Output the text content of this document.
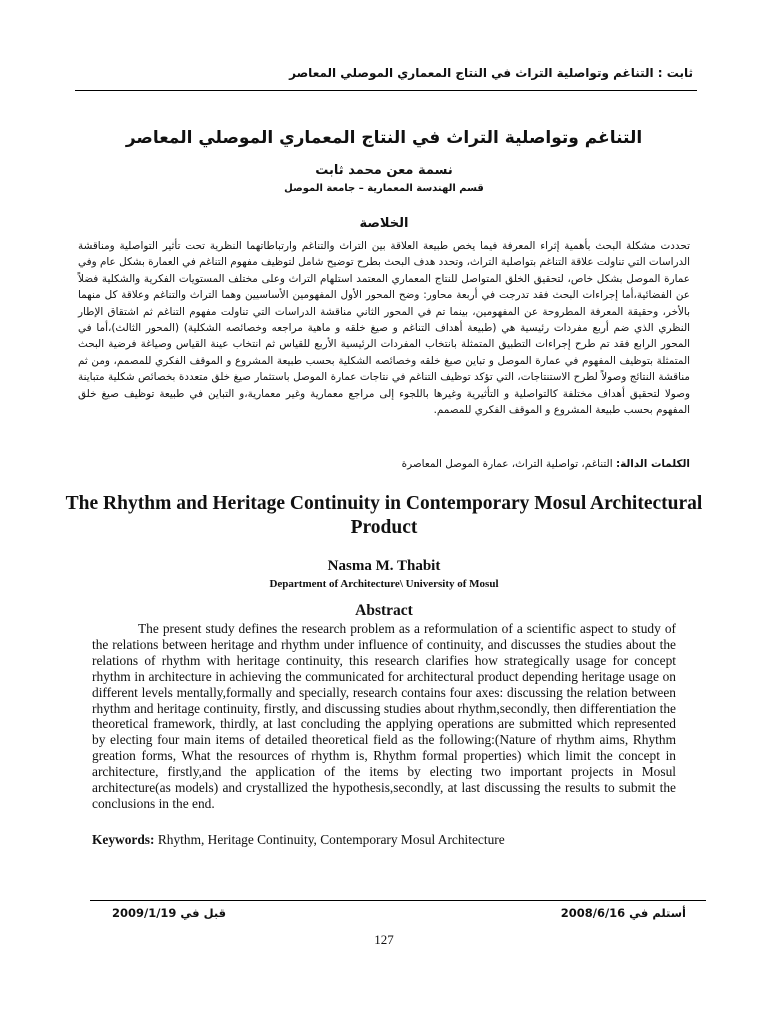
ثابت : التناغم وتواصلية التراث في النتاج المعماري الموصلي المعاصر
التناغم وتواصلية التراث في النتاج المعماري الموصلي المعاصر
نسمة معن محمد ثابت
قسم الهندسة المعمارية – جامعة الموصل
الخلاصة
تحددت مشكلة البحث بأهمية إثراء المعرفة فيما يخص طبيعة العلاقة بين التراث والتناغم وارتباطاتهما النظرية تحت تأثير التواصلية ومناقشة الدراسات التي تناولت علاقة التناغم بتواصلية التراث، وتحدد هدف البحث بطرح توضيح شامل لتوظيف مفهوم التناغم في العمارة بشكل عام وفي عمارة الموصل بشكل خاص، لتحقيق الخلق المتواصل للنتاج المعماري المعتمد استلهام التراث وعلى مختلف المستويات الفكرية والشكلية فضلاً عن الفضائية،أما إجراءات البحث فقد تدرجت في أربعة محاور: وضح المحور الأول المفهومين الأساسيين وهما التراث والتناغم وعلاقة كل منهما بالأخر، وحقيقة المعرفة المطروحة عن المفهومين، بينما تم في المحور الثاني مناقشة الدراسات التي تناولت مفهوم التناغم ثم اشتقاق الإطار النظري الذي ضم أربع مفردات رئيسية هي (طبيعة أهداف التناغم و صيغ خلقه و ماهية مراجعه وخصائصه الشكلية) (المحور الثالث)،أما في المحور الرابع فقد تم طرح إجراءات التطبيق المتمثلة بانتخاب المفردات الرئيسية الأربع للقياس ثم انتخاب عينة القياس وصياغة فرضية البحث المتمثلة بتوظيف المفهوم في عمارة الموصل و تباين صيغ خلقه وخصائصه الشكلية بحسب طبيعة المشروع و الموقف الفكري للمصمم، ومن ثم مناقشة النتائج وصولاً لطرح الاستنتاجات، التي تؤكد توظيف التناغم في نتاجات عمارة الموصل باستثمار صيغ خلق متعددة بخصائص شكلية متباينة وصولا لتحقيق أهداف مختلفة كالتواصلية و التأثيرية وغيرها باللجوء إلى مراجع معمارية وغير معمارية،و التباين في طبيعة توظيف صيغ خلق المفهوم بحسب طبيعة المشروع و الموقف الفكري للمصمم.
الكلمات الدالة: التناغم، تواصلية التراث، عمارة الموصل المعاصرة
The Rhythm and Heritage Continuity in Contemporary Mosul Architectural Product
Nasma M. Thabit
Department of Architecture\ University of Mosul
Abstract
The present study defines the research problem as a reformulation of a scientific aspect to study of the relations between heritage and rhythm under influence of continuity, and discusses the studies about the relations of rhythm with heritage continuity, this research clarifies how strategically usage for concept rhythm in architecture in achieving the communicated for architectural product depending heritage usage on different levels mentally,formally and specially, research contains four axes: discussing the relation between rhythm and heritage continuity, firstly, and discussing studies about rhythm,secondly, then differentiation the theoretical framework, thirdly, at last concluding the applying operations are submitted which represented by electing four main items of detailed theoretical field as the following:(Nature of rhythm aims, Rhythm greation forms, What the resources of rhythm is, Rhythm formal properties) which limit the concept in architecture, firstly,and the application of the items by electing two important projects in Mosul architecture(as models) and crystallized the hypothesis,secondly, at last discussing the results to submit the conclusions in the end.
Keywords: Rhythm, Heritage Continuity, Contemporary Mosul Architecture
أستلم في 2008/6/16
قبل في 2009/1/19
127
